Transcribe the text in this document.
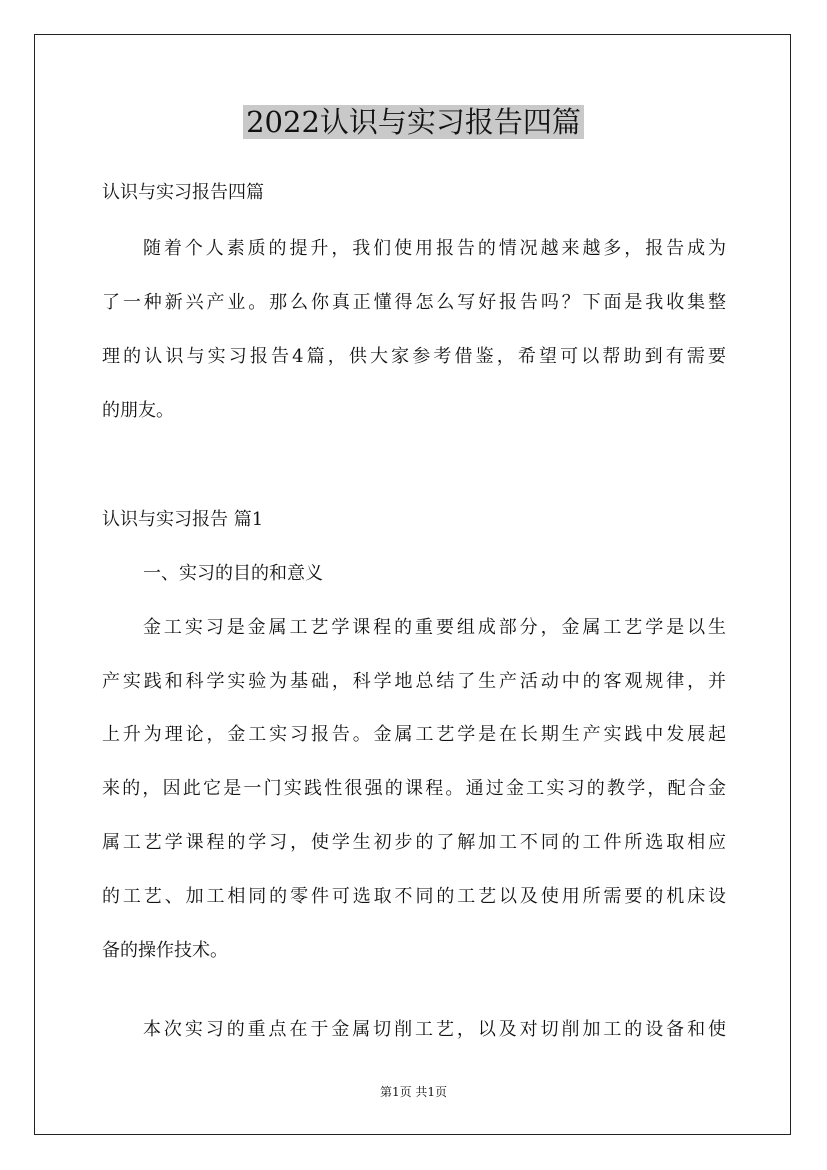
2022认识与实习报告四篇
认识与实习报告四篇
随着个人素质的提升，我们使用报告的情况越来越多，报告成为
了一种新兴产业。那么你真正懂得怎么写好报告吗？下面是我收集整
理的认识与实习报告4篇，供大家参考借鉴，希望可以帮助到有需要
的朋友。
认识与实习报告 篇1
一、实习的目的和意义
金工实习是金属工艺学课程的重要组成部分，金属工艺学是以生
产实践和科学实验为基础，科学地总结了生产活动中的客观规律，并
上升为理论，金工实习报告。金属工艺学是在长期生产实践中发展起
来的，因此它是一门实践性很强的课程。通过金工实习的教学，配合金
属工艺学课程的学习，使学生初步的了解加工不同的工件所选取相应
的工艺、加工相同的零件可选取不同的工艺以及使用所需要的机床设
备的操作技术。
本次实习的重点在于金属切削工艺，以及对切削加工的设备和使
第1页 共1页
